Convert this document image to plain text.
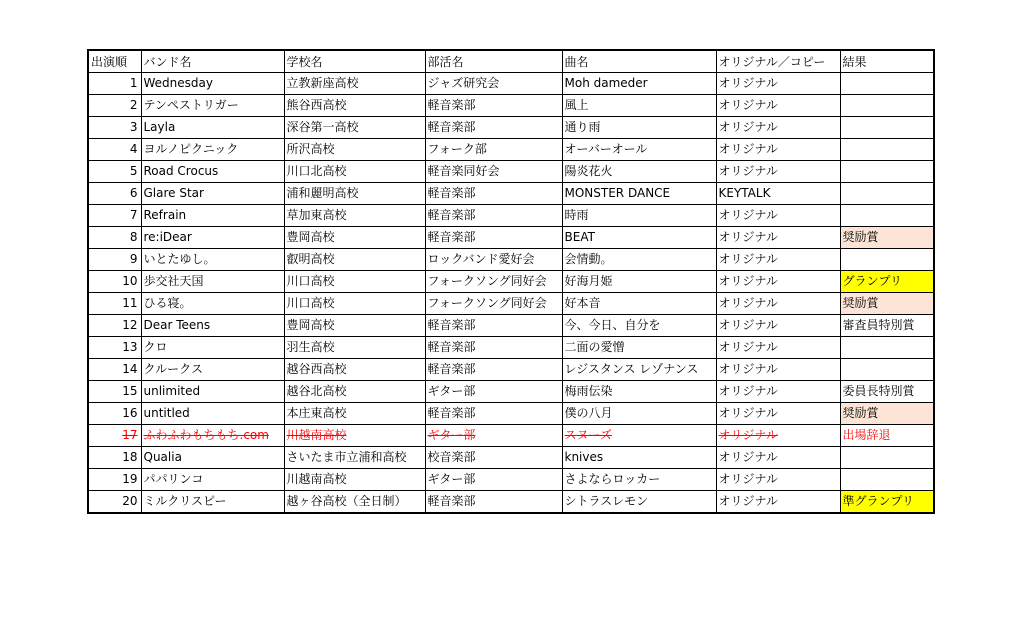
出演順	バンド名	学校名	部活名	曲名	オリジナル／コピー	結果
1	Wednesday	立教新座高校	ジャズ研究会	Moh dameder	オリジナル	
2	テンペストリガー	熊谷西高校	軽音楽部	風上	オリジナル	
3	Layla	深谷第一高校	軽音楽部	通り雨	オリジナル	
4	ヨルノピクニック	所沢高校	フォーク部	オーバーオール	オリジナル	
5	Road Crocus	川口北高校	軽音楽同好会	陽炎花火	オリジナル	
6	Glare Star	浦和麗明高校	軽音楽部	MONSTER DANCE	KEYTALK	
7	Refrain	草加東高校	軽音楽部	時雨	オリジナル	
8	re:iDear	豊岡高校	軽音楽部	BEAT	オリジナル	奨励賞
9	いとたゆし。	叡明高校	ロックバンド愛好会	会情動。	オリジナル	
10	歩交社天国	川口高校	フォークソング同好会	好海月姫	オリジナル	グランプリ
11	ひる寝。	川口高校	フォークソング同好会	好本音	オリジナル	奨励賞
12	Dear Teens	豊岡高校	軽音楽部	今、今日、自分を	オリジナル	審査員特別賞
13	クロ	羽生高校	軽音楽部	二面の愛憎	オリジナル	
14	クルークス	越谷西高校	軽音楽部	レジスタンス レゾナンス	オリジナル	
15	unlimited	越谷北高校	ギター部	梅雨伝染	オリジナル	委員長特別賞
16	untitled	本庄東高校	軽音楽部	僕の八月	オリジナル	奨励賞
17	ふわふわもちもち.com	川越南高校	ギター部	スヌーズ	オリジナル	出場辞退
18	Qualia	さいたま市立浦和高校	校音楽部	knives	オリジナル	
19	パパリンコ	川越南高校	ギター部	さよならロッカー	オリジナル	
20	ミルクリスピー	越ヶ谷高校（全日制）	軽音楽部	シトラスレモン	オリジナル	準グランプリ
